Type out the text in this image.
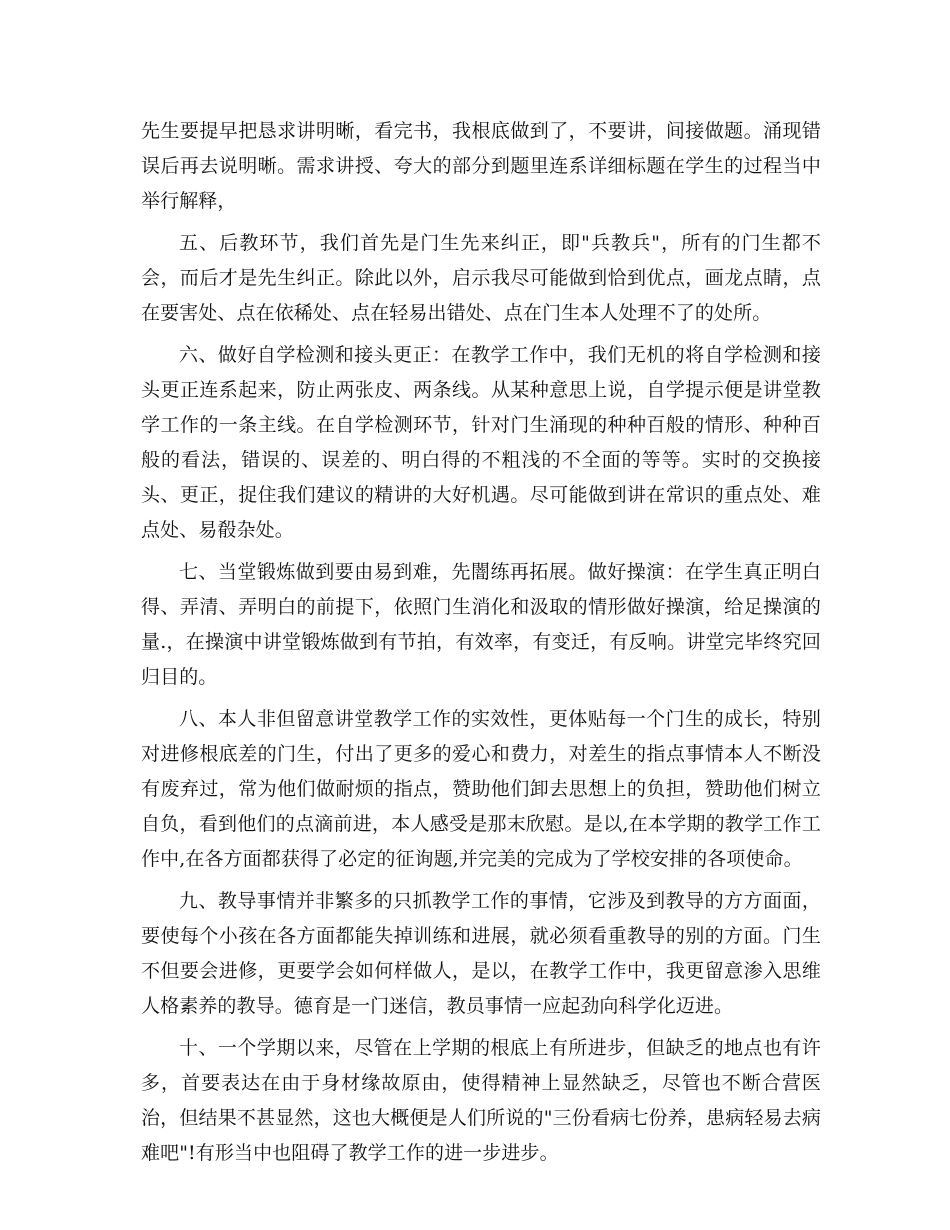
先生要提早把恳求讲明晰，看完书，我根底做到了，不要讲，间接做题。涌现错误后再去说明晰。需求讲授、夸大的部分到题里连系详细标题在学生的过程当中举行解释，

五、后教环节，我们首先是门生先来纠正，即"兵教兵"，所有的门生都不会，而后才是先生纠正。除此以外，启示我尽可能做到恰到优点，画龙点睛，点在要害处、点在依稀处、点在轻易出错处、点在门生本人处理不了的处所。

六、做好自学检测和接头更正：在教学工作中，我们无机的将自学检测和接头更正连系起来，防止两张皮、两条线。从某种意思上说，自学提示便是讲堂教学工作的一条主线。在自学检测环节，针对门生涌现的种种百般的情形、种种百般的看法，错误的、误差的、明白得的不粗浅的不全面的等等。实时的交换接头、更正，捉住我们建议的精讲的大好机遇。尽可能做到讲在常识的重点处、难点处、易殽杂处。

七、当堂锻炼做到要由易到难，先闇练再拓展。做好操演：在学生真正明白得、弄清、弄明白的前提下，依照门生消化和汲取的情形做好操演，给足操演的量.，在操演中讲堂锻炼做到有节拍，有效率，有变迁，有反响。讲堂完毕终究回归目的。

八、本人非但留意讲堂教学工作的实效性，更体贴每一个门生的成长，特别对进修根底差的门生，付出了更多的爱心和费力，对差生的指点事情本人不断没有废弃过，常为他们做耐烦的指点，赞助他们卸去思想上的负担，赞助他们树立自负，看到他们的点滴前进，本人感受是那末欣慰。是以,在本学期的教学工作工作中,在各方面都获得了必定的征询题,并完美的完成为了学校安排的各项使命。

九、教导事情并非繁多的只抓教学工作的事情，它涉及到教导的方方面面，要使每个小孩在各方面都能失掉训练和进展，就必须看重教导的别的方面。门生不但要会进修，更要学会如何样做人，是以，在教学工作中，我更留意渗入思维人格素养的教导。德育是一门迷信，教员事情一应起劲向科学化迈进。

十、一个学期以来，尽管在上学期的根底上有所进步，但缺乏的地点也有许多，首要表达在由于身材缘故原由，使得精神上显然缺乏，尽管也不断合营医治，但结果不甚显然，这也大概便是人们所说的"三份看病七份养，患病轻易去病难吧"!有形当中也阻碍了教学工作的进一步进步。
